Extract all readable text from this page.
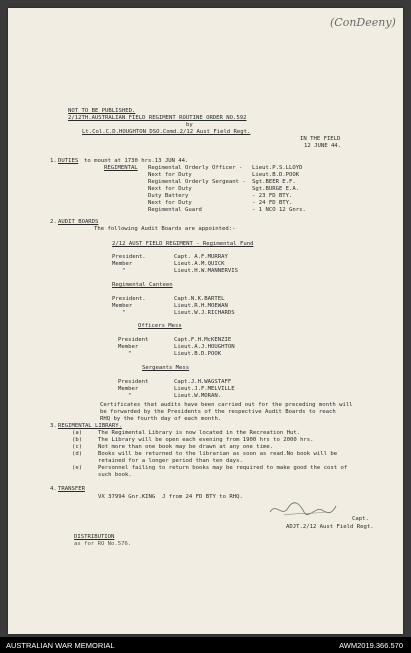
(ConDeeny)
NOT TO BE PUBLISHED.
2/12TH.AUSTRALIAN FIELD REGIMENT ROUTINE ORDER NO.592
by
Lt.Col.C.D.HOUGHTON DSO.Comd.2/12 Aust Field Regt.
IN THE FIELD
12 JUNE 44.
1. DUTIES to mount at 1730 hrs.13 JUN 44.
REGIMENTAL Regimental Orderly Officer - Lieut.P.S.LLOYD
Next for Duty	Lieut.B.D.POOK
Regimental Orderly Sergeant - Sgt.BEER E.F.
Next for Duty	Sgt.BURGE E.A.
Duty Battery	- 23 FD BTY.
Next for Duty	- 24 FD BTY.
Regimental Guard	- 1 NCO 12 Gnrs.
2. AUDIT BOARDS
The following Audit Boards are appointed:-
2/12 AUST FIELD REGIMENT - Regimental Fund
President.	Capt. A.F.MURRAY
Member	Lieut.A.M.QUICK
"	Lieut.H.W.MANNERVIS
Regimental Canteen
President.	Capt.N.K.BARTEL
Member	Lieut.R.H.MOEWAN
"	Lieut.W.J.RICHARDS
Officers Mess
President	Capt.F.H.McKENZIE
Member	Lieut.A.J.HOUGHTON
"	Lieut.B.D.POOK
Sergeants Mess
President	Capt.J.H.WAGSTAFF
Member	Lieut.J.F.MELVILLE
"	Lieut.W.MORAN.
Certificates that audits have been carried out for the preceding month will
be forwarded by the Presidents of the respective Audit Boards to reach
RHQ by the fourth day of each month.
3. REGIMENTAL LIBRARY.
(a)	The Regimental Library is now located in the Recreation Hut.
(b)	The Library will be open each evening from 1900 hrs to 2000 hrs.
(c)	Not more than one book may be drawn at any one time.
(d)	Books will be returned to the librarian as soon as read.No book will be
retained for a longer period than ten days.
(e)	Personnel failing to return books may be required to make good the cost of
such book.
4. TRANSFER
VX 37994 Gnr.KING  J from 24 FD BTY to RHQ.
Capt.
ADJT.2/12 Aust Field Regt.
DISTRIBUTION
as for RO No.576.
AUSTRALIAN WAR MEMORIAL	AWM2019.366.570
